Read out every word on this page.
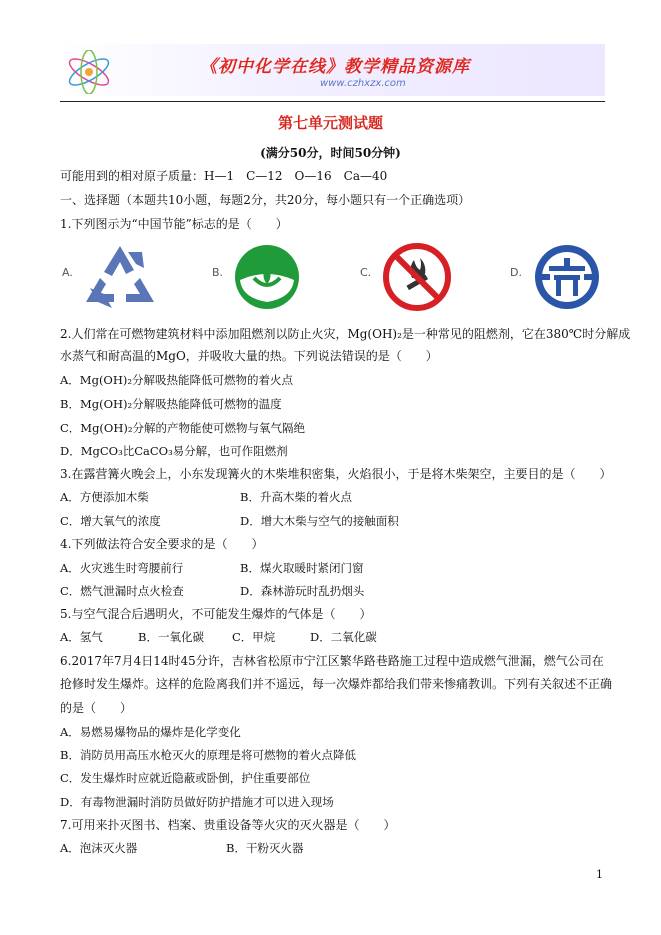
《初中化学在线》教学精品资源库
www.czhxzx.com
第七单元测试题
(满分50分，时间50分钟)
可能用到的相对原子质量：H—1　C—12　O—16　Ca—40
一、选择题（本题共10小题，每题2分，共20分，每小题只有一个正确选项）
1.下列图示为“中国节能”标志的是（　　）
A.	B.	C.	D.
2.人们常在可燃物建筑材料中添加阻燃剂以防止火灾，Mg(OH)₂是一种常见的阻燃剂，它在380℃时分解成
水蒸气和耐高温的MgO，并吸收大量的热。下列说法错误的是（　　）
A．Mg(OH)₂分解吸热能降低可燃物的着火点
B．Mg(OH)₂分解吸热能降低可燃物的温度
C．Mg(OH)₂分解的产物能使可燃物与氧气隔绝
D．MgCO₃比CaCO₃易分解，也可作阻燃剂
3.在露营篝火晚会上，小东发现篝火的木柴堆积密集，火焰很小，于是将木柴架空，主要目的是（　　）
A．方便添加木柴	B．升高木柴的着火点
C．增大氧气的浓度	D．增大木柴与空气的接触面积
4.下列做法符合安全要求的是（　　）
A．火灾逃生时弯腰前行	B．煤火取暖时紧闭门窗
C．燃气泄漏时点火检查	D．森林游玩时乱扔烟头
5.与空气混合后遇明火，不可能发生爆炸的气体是（　　）
A．氢气	B．一氧化碳 C．甲烷	D．二氧化碳
6.2017年7月4日14时45分许，吉林省松原市宁江区繁华路巷路施工过程中造成燃气泄漏，燃气公司在
抢修时发生爆炸。这样的危险离我们并不遥远，每一次爆炸都给我们带来惨痛教训。下列有关叙述不正确
的是（　　）
A．易燃易爆物品的爆炸是化学变化
B．消防员用高压水枪灭火的原理是将可燃物的着火点降低
C．发生爆炸时应就近隐蔽或卧倒，护住重要部位
D．有毒物泄漏时消防员做好防护措施才可以进入现场
7.可用来扑灭图书、档案、贵重设备等火灾的灭火器是（　　）
A．泡沫灭火器	B．干粉灭火器
1
